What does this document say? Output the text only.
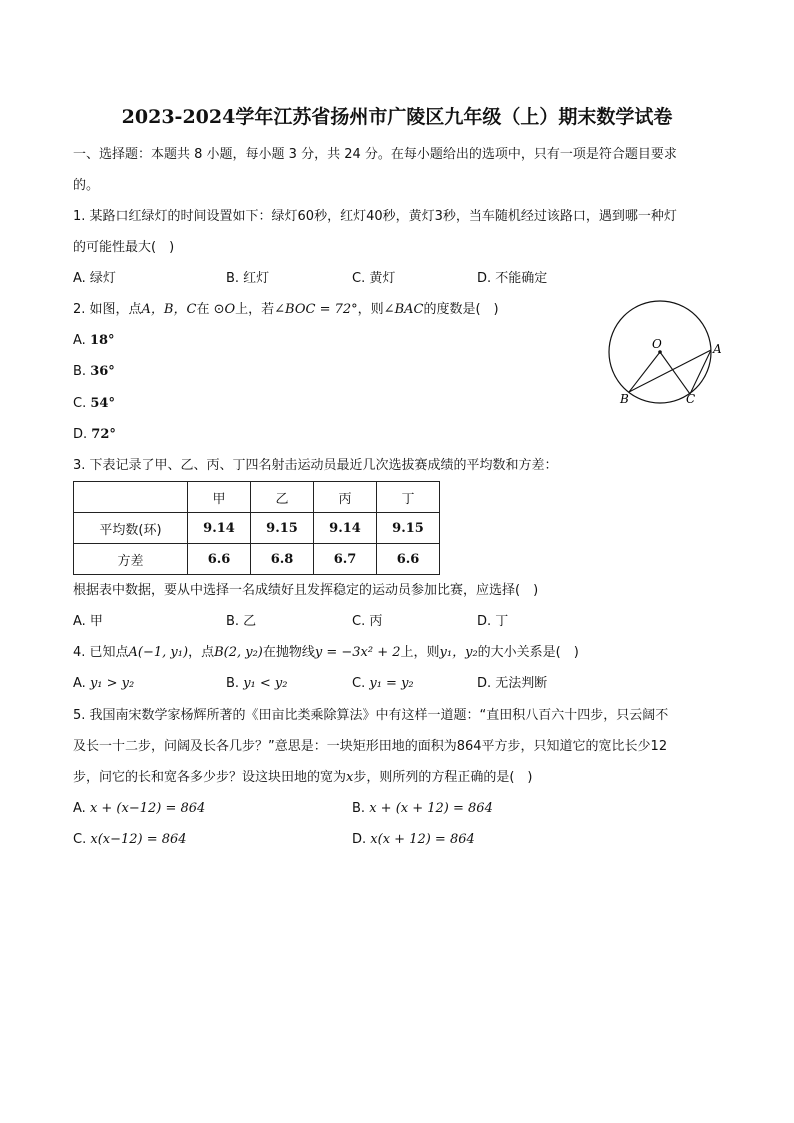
2023-2024学年江苏省扬州市广陵区九年级（上）期末数学试卷
一、选择题：本题共 8 小题，每小题 3 分，共 24 分。在每小题给出的选项中，只有一项是符合题目要求
的。
1. 某路口红绿灯的时间设置如下：绿灯60秒，红灯40秒，黄灯3秒，当车随机经过该路口，遇到哪一种灯
的可能性最大(　)
A. 绿灯	B. 红灯	C. 黄灯	D. 不能确定
2. 如图，点A，B，C在 ⊙O上，若∠BOC = 72°，则∠BAC的度数是(　)
A. 18°
B. 36°
C. 54°
D. 72°
O	A
B	C
3. 下表记录了甲、乙、丙、丁四名射击运动员最近几次选拔赛成绩的平均数和方差：
	甲	乙	丙	丁
平均数(环)	9.14	9.15	9.14	9.15
方差	6.6	6.8	6.7	6.6
根据表中数据，要从中选择一名成绩好且发挥稳定的运动员参加比赛，应选择(　)
A. 甲	B. 乙	C. 丙	D. 丁
4. 已知点A(−1, y₁)，点B(2, y₂)在抛物线y = −3x² + 2上，则y₁，y₂的大小关系是(　)
A. y₁ > y₂	B. y₁ < y₂	C. y₁ = y₂	D. 无法判断
5. 我国南宋数学家杨辉所著的《田亩比类乘除算法》中有这样一道题：“直田积八百六十四步，只云阔不
及长一十二步，问阔及长各几步？”意思是：一块矩形田地的面积为864平方步，只知道它的宽比长少12
步，问它的长和宽各多少步？设这块田地的宽为x步，则所列的方程正确的是(　)
A. x + (x−12) = 864	B. x + (x + 12) = 864
C. x(x−12) = 864	D. x(x + 12) = 864
